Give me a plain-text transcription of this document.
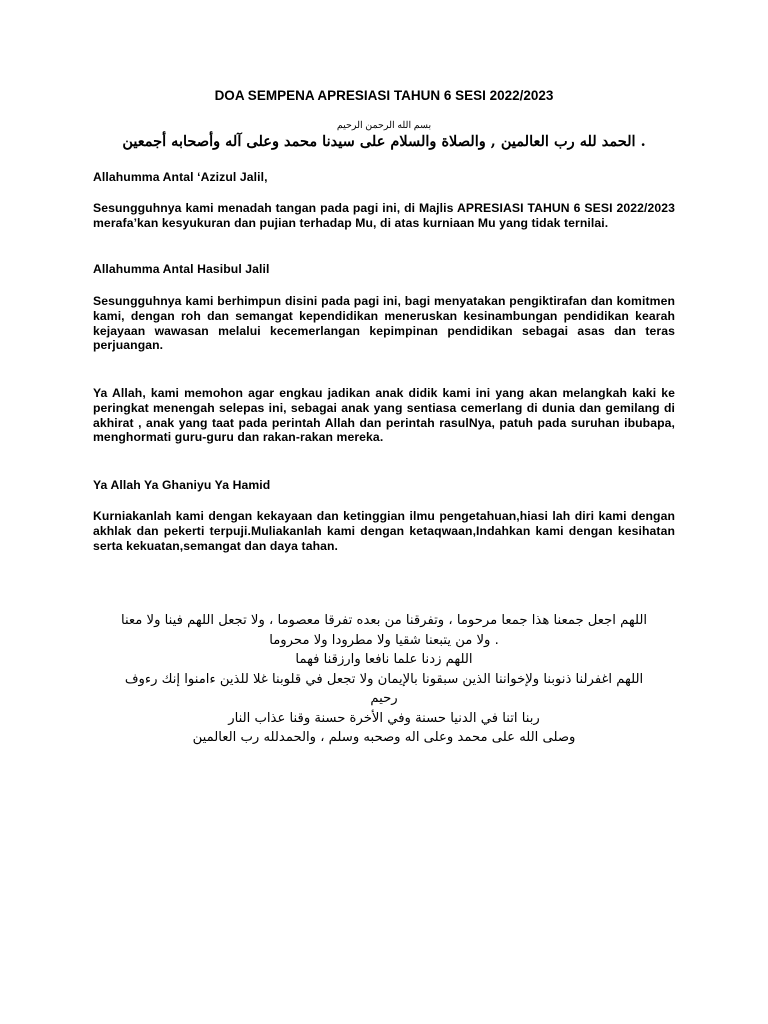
DOA SEMPENA APRESIASI TAHUN 6 SESI 2022/2023
بسم الله الرحمن الرحيم
. الحمد لله رب العالمين , والصلاة والسلام على سيدنا محمد وعلى آله وأصحابه أجمعين
Allahumma Antal ‘Azizul Jalil,
Sesungguhnya kami menadah tangan pada pagi ini, di Majlis APRESIASI TAHUN 6 SESI 2022/2023 merafa’kan kesyukuran dan pujian terhadap Mu, di atas kurniaan Mu yang tidak ternilai.
Allahumma Antal Hasibul Jalil
Sesungguhnya kami berhimpun disini pada pagi ini, bagi menyatakan pengiktirafan dan komitmen kami, dengan roh dan semangat kependidikan meneruskan kesinambungan pendidikan kearah kejayaan wawasan melalui kecemerlangan kepimpinan pendidikan sebagai asas dan teras perjuangan.
Ya Allah, kami memohon agar engkau jadikan anak didik kami ini yang akan melangkah kaki ke peringkat menengah selepas ini, sebagai anak yang sentiasa cemerlang di dunia dan gemilang di akhirat , anak yang taat pada perintah Allah dan perintah rasulNya, patuh pada suruhan ibubapa, menghormati guru-guru dan rakan-rakan mereka.
Ya Allah Ya Ghaniyu Ya Hamid
Kurniakanlah kami dengan kekayaan dan ketinggian ilmu pengetahuan,hiasi lah diri kami dengan akhlak dan pekerti terpuji.Muliakanlah kami dengan ketaqwaan,Indahkan kami dengan kesihatan serta kekuatan,semangat dan daya tahan.
اللهم اجعل جمعنا هذا جمعا مرحوما ، وتفرقنا من بعده تفرقا معصوما ، ولا تجعل اللهم فينا ولا معنا
. ولا من يتبعنا شقيا ولا مطرودا ولا محروما
اللهم زدنا علما نافعا وارزقنا فهما
اللهم اغفرلنا ذنوبنا ولإخواننا الذين سبقونا بالإيمان ولا تجعل في قلوبنا غلا للذين ءامنوا إنك رءوف
رحيم
ربنا اتنا في الدنيا حسنة وفي الأخرة حسنة وقنا عذاب النار
وصلى الله على محمد وعلى اله وصحبه وسلم ، والحمدلله رب العالمين
